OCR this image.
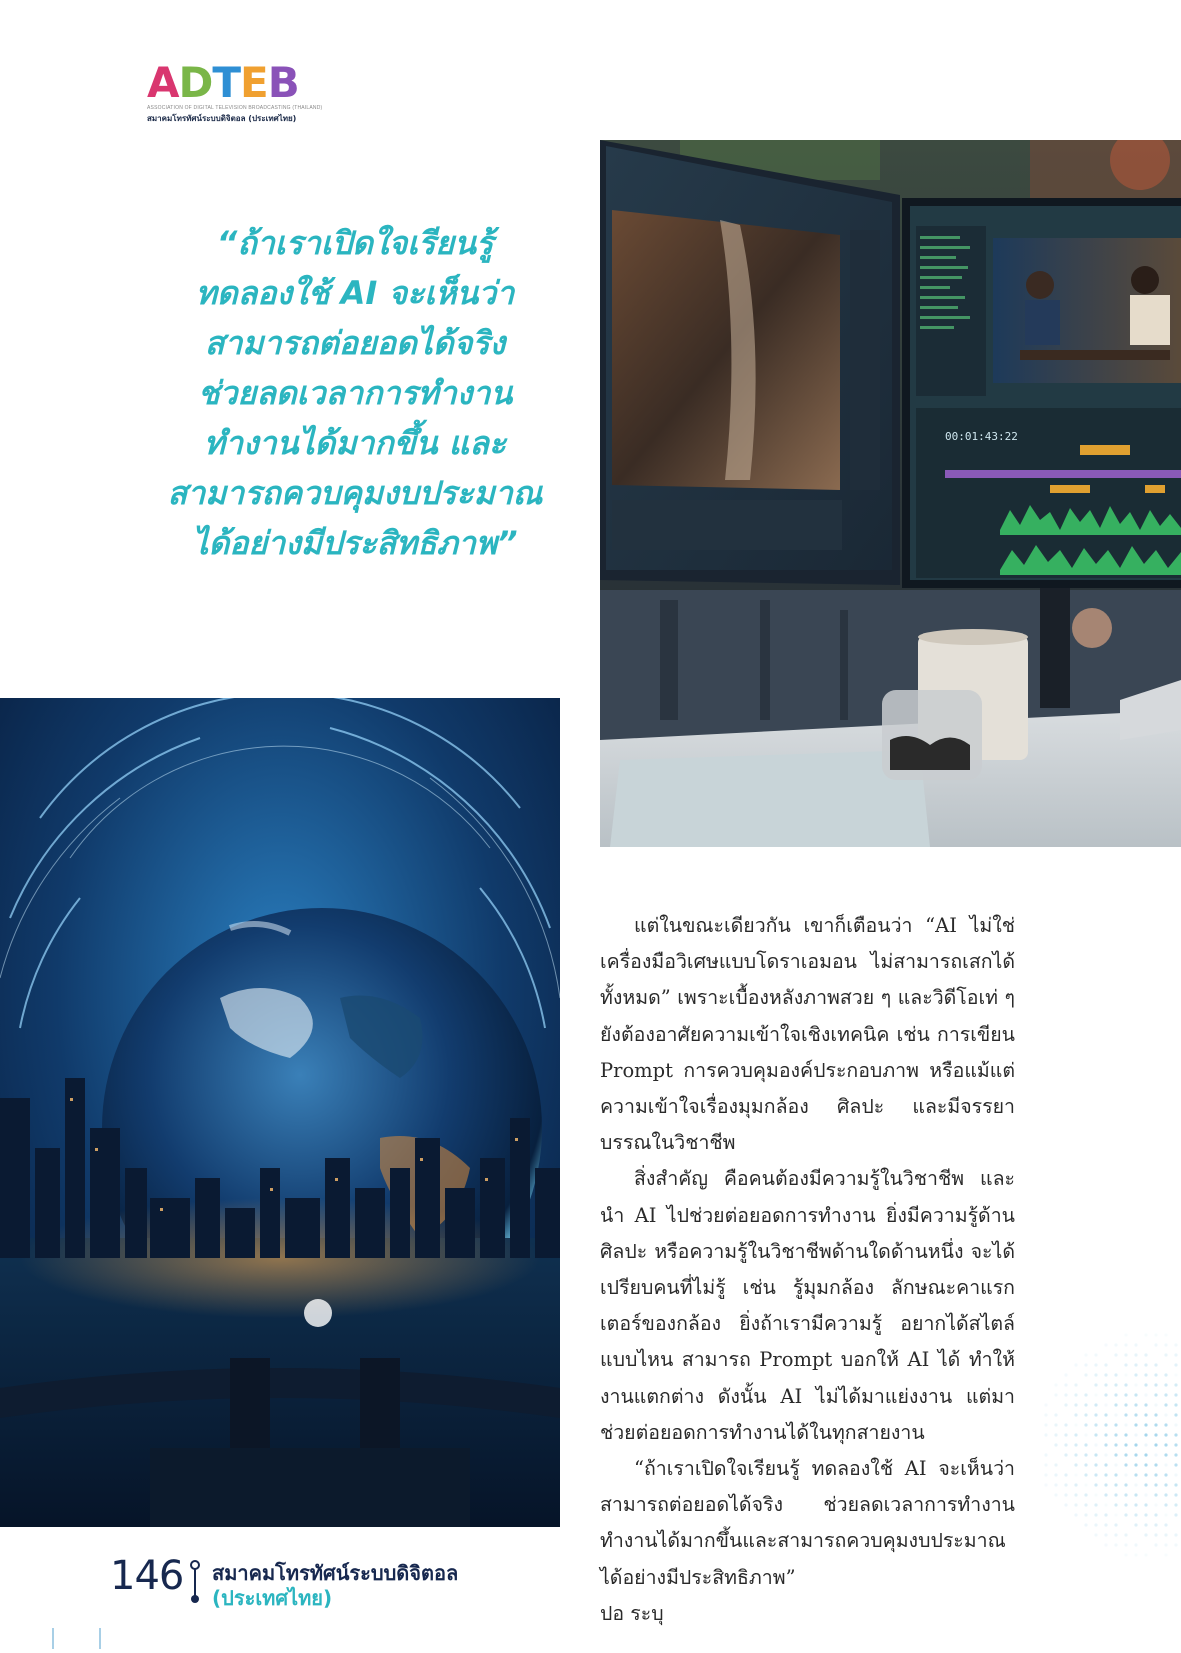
A D T E B
ASSOCIATION OF DIGITAL TELEVISION BROADCASTING (THAILAND)
สมาคมโทรทัศน์ระบบดิจิตอล (ประเทศไทย)
“ถ้าเราเปิดใจเรียนรู้
ทดลองใช้ AI จะเห็นว่า
สามารถต่อยอดได้จริง
ช่วยลดเวลาการทำงาน
ทำงานได้มากขึ้น และ
สามารถควบคุมงบประมาณ
ได้อย่างมีประสิทธิภาพ”
00:01:43:22

แต่ในขณะเดียวกัน เขาก็เตือนว่า “AI ไม่ใช่เครื่องมือวิเศษแบบโดราเอมอน ไม่สามารถเสกได้ทั้งหมด” เพราะเบื้องหลังภาพสวย ๆ และวิดีโอเท่ ๆ ยังต้องอาศัยความเข้าใจเชิงเทคนิค เช่น การเขียน Prompt การควบคุมองค์ประกอบภาพ หรือแม้แต่ความเข้าใจเรื่องมุมกล้อง ศิลปะ และมีจรรยาบรรณในวิชาชีพ

สิ่งสำคัญ คือคนต้องมีความรู้ในวิชาชีพ และนำ AI ไปช่วยต่อยอดการทำงาน ยิ่งมีความรู้ด้านศิลปะ หรือความรู้ในวิชาชีพด้านใดด้านหนึ่ง จะได้เปรียบคนที่ไม่รู้ เช่น รู้มุมกล้อง ลักษณะคาแรกเตอร์ของกล้อง ยิ่งถ้าเรามีความรู้ อยากได้สไตล์แบบไหน สามารถ Prompt บอกให้ AI ได้ ทำให้งานแตกต่าง ดังนั้น AI ไม่ได้มาแย่งงาน แต่มาช่วยต่อยอดการทำงานได้ในทุกสายงาน

“ถ้าเราเปิดใจเรียนรู้ ทดลองใช้ AI จะเห็นว่าสามารถต่อยอดได้จริง ช่วยลดเวลาการทำงาน ทำงานได้มากขึ้นและสามารถควบคุมงบประมาณได้อย่างมีประสิทธิภาพ”

ปอ ระบุ

146 สมาคมโทรทัศน์ระบบดิจิตอล
(ประเทศไทย)
